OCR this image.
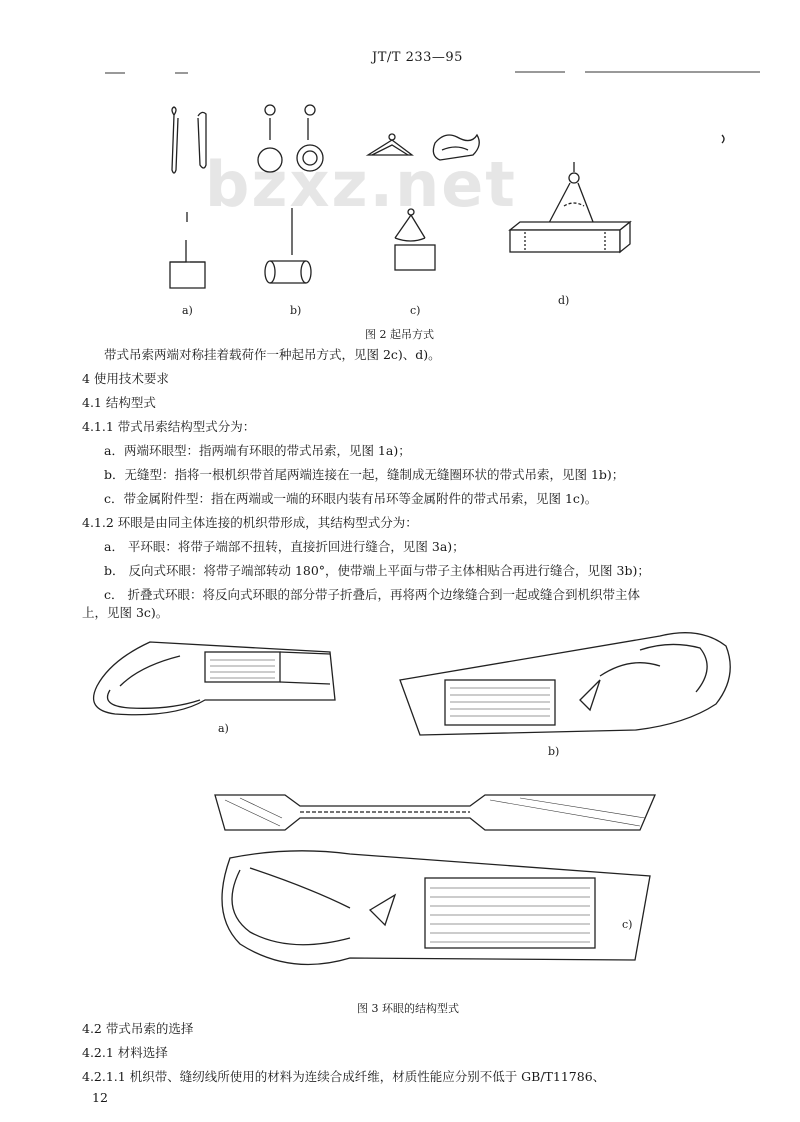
bzxz.net
JT/T 233—95
a)	b)	c)
d)
图 2 起吊方式
带式吊索两端对称挂着载荷作一种起吊方式，见图 2c)、d)。
4 使用技术要求
4.1 结构型式
4.1.1 带式吊索结构型式分为：
a．两端环眼型：指两端有环眼的带式吊索，见图 1a)；
b．无缝型：指将一根机织带首尾两端连接在一起，缝制成无缝圈环状的带式吊索，见图 1b)；
c．带金属附件型：指在两端或一端的环眼内装有吊环等金属附件的带式吊索，见图 1c)。
4.1.2 环眼是由同主体连接的机织带形成，其结构型式分为：
a． 平环眼：将带子端部不扭转，直接折回进行缝合，见图 3a)；
b． 反向式环眼：将带子端部转动 180°，使带端上平面与带子主体相贴合再进行缝合，见图 3b)；
c． 折叠式环眼：将反向式环眼的部分带子折叠后，再将两个边缘缝合到一起或缝合到机织带主体
上，见图 3c)。
a)
b)
c)
图 3 环眼的结构型式
4.2 带式吊索的选择
4.2.1 材料选择
4.2.1.1 机织带、缝纫线所使用的材料为连续合成纤维，材质性能应分别不低于 GB/T11786、
12
